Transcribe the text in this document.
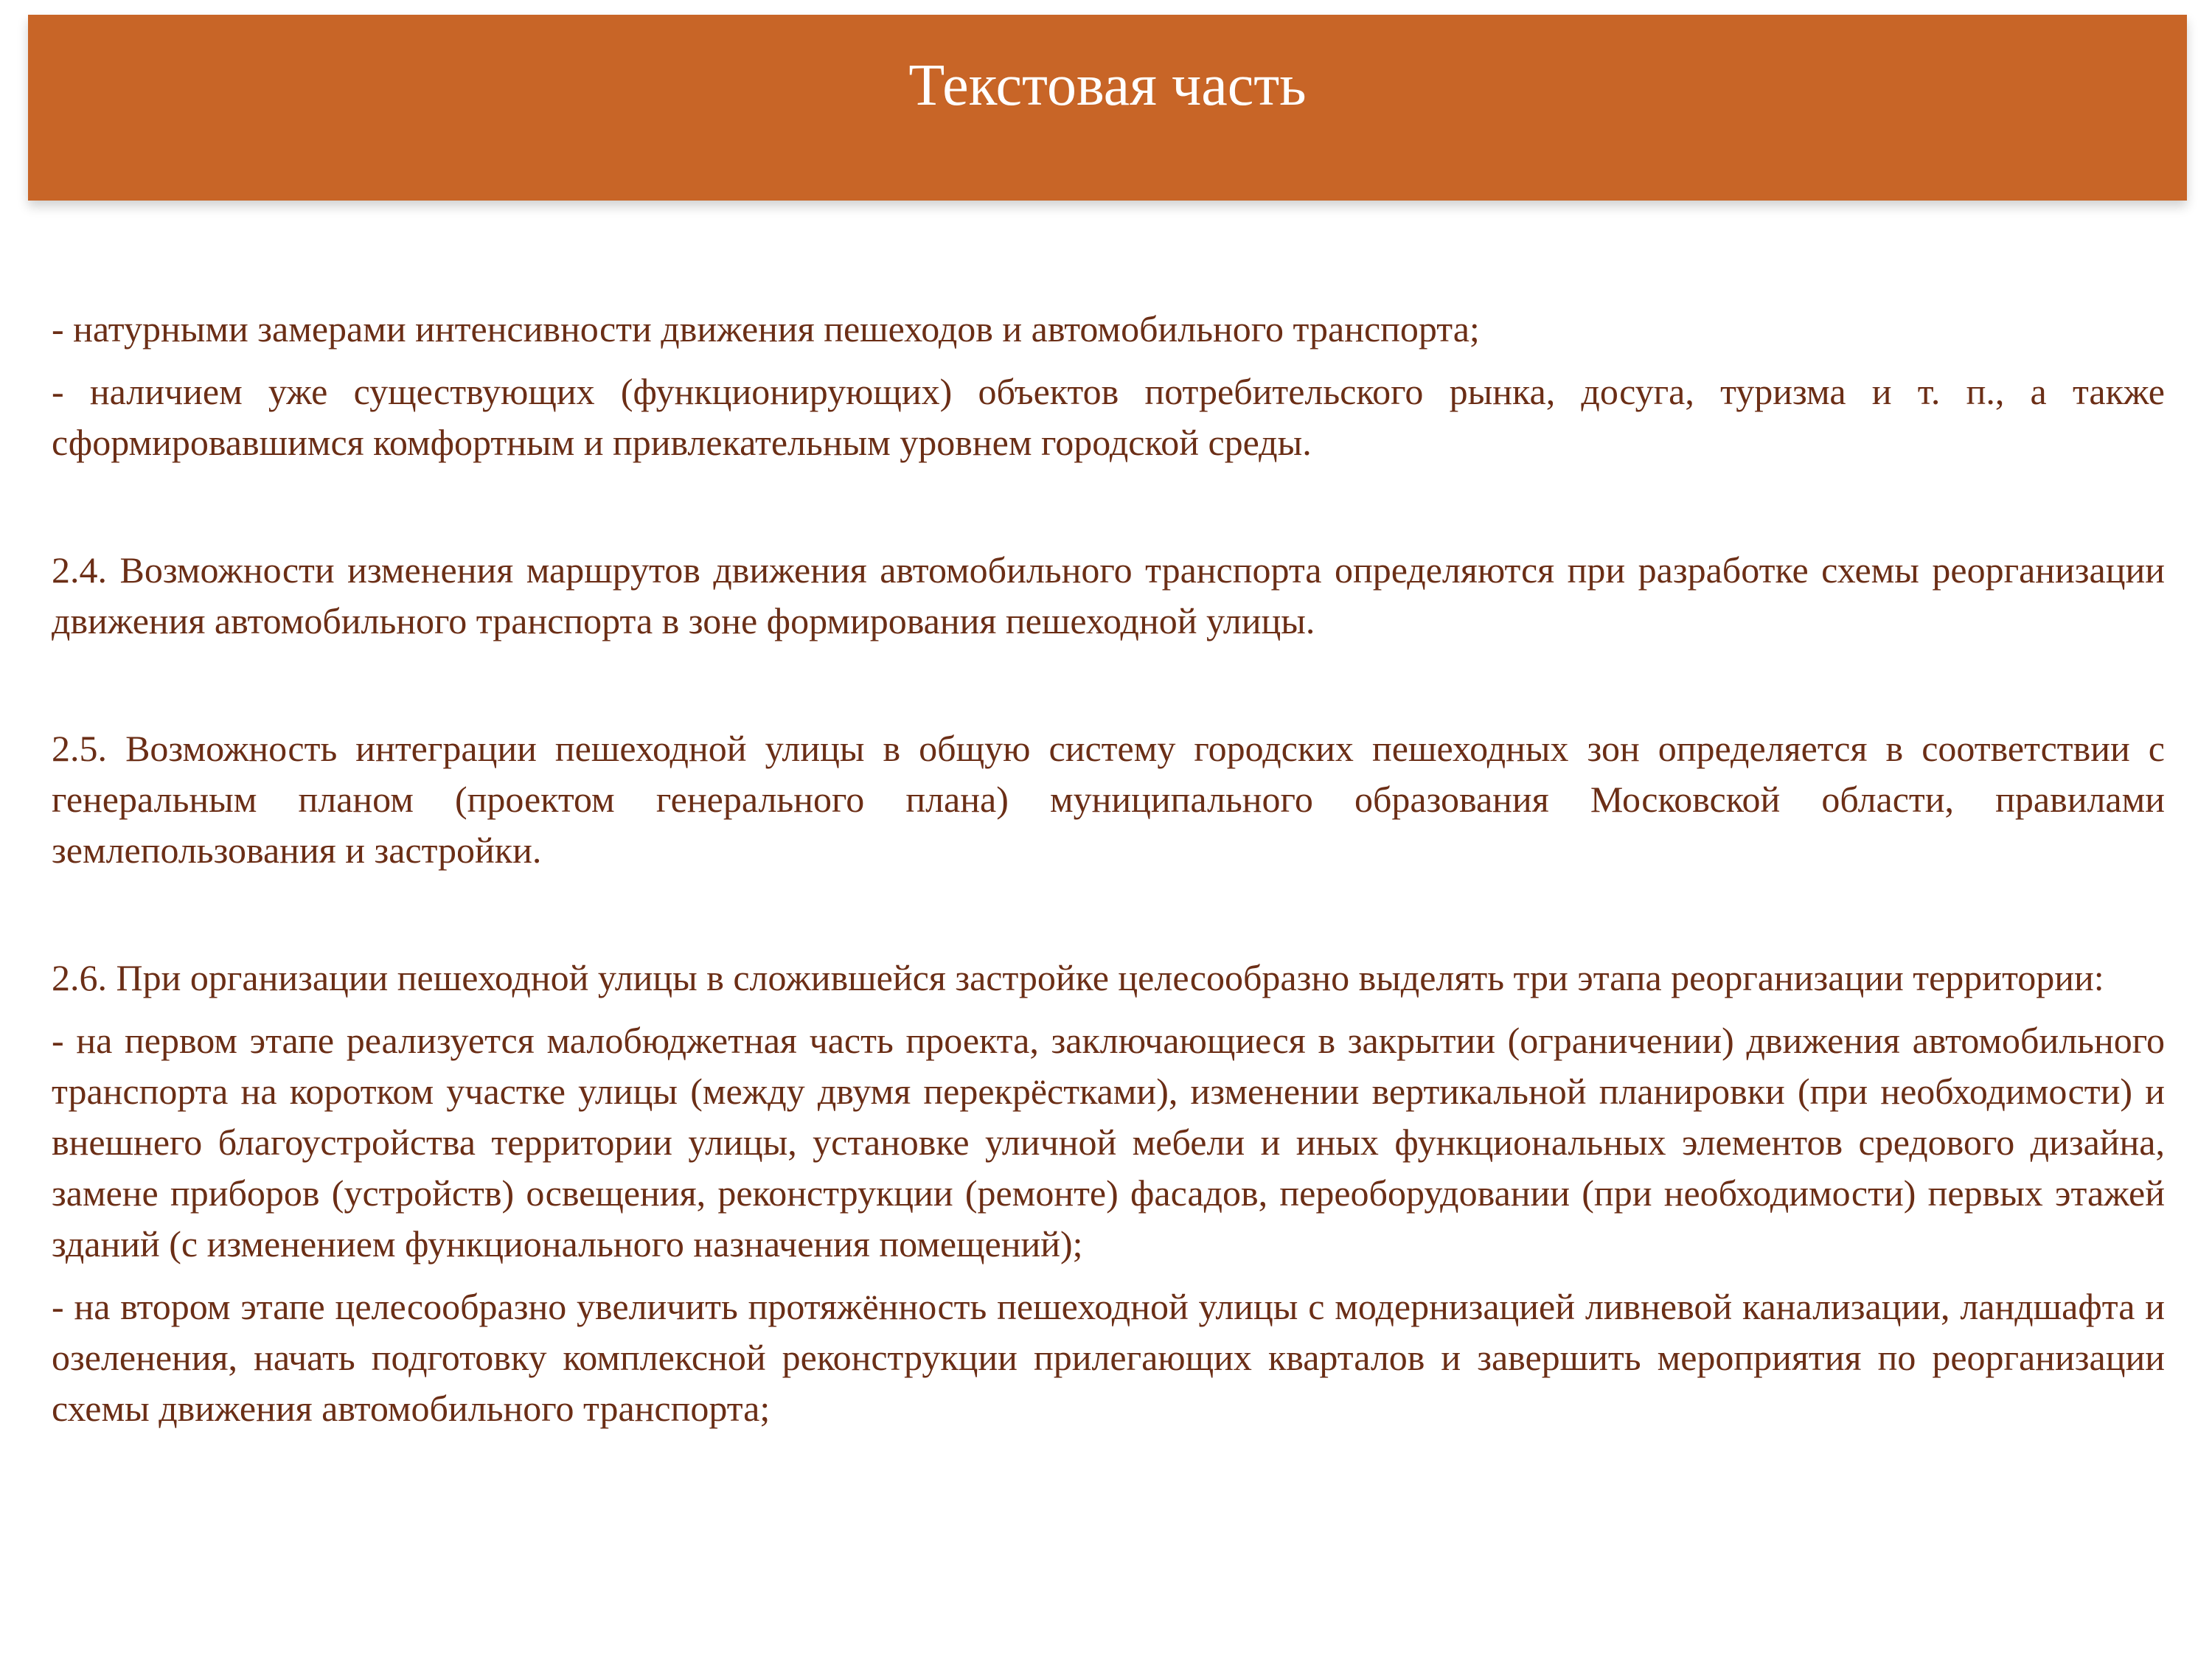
Текстовая часть

- натурными замерами интенсивности движения пешеходов и автомобильного транспорта;

- наличием уже существующих (функционирующих) объектов потребительского рынка, досуга, туризма и т. п., а также сформировавшимся комфортным и привлекательным уровнем городской среды.

2.4. Возможности изменения маршрутов движения автомобильного транспорта определяются при разработке схемы реорганизации движения автомобильного транспорта в зоне формирования пешеходной улицы.

2.5. Возможность интеграции пешеходной улицы в общую систему городских пешеходных зон определяется в соответствии с генеральным планом (проектом генерального плана) муниципального образования Московской области, правилами землепользования и застройки.

2.6. При организации пешеходной улицы в сложившейся застройке целесообразно выделять три этапа реорганизации территории:

- на первом этапе реализуется малобюджетная часть проекта, заключающиеся в закрытии (ограничении) движения автомобильного транспорта на коротком участке улицы (между двумя перекрёстками), изменении вертикальной планировки (при необходимости) и внешнего благоустройства территории улицы, установке уличной мебели и иных функциональных элементов средового дизайна, замене приборов (устройств) освещения, реконструкции (ремонте) фасадов, переоборудовании (при необходимости) первых этажей зданий (с изменением функционального назначения помещений);

- на втором этапе целесообразно увеличить протяжённость пешеходной улицы с модернизацией ливневой канализации, ландшафта и озеленения, начать подготовку комплексной реконструкции прилегающих кварталов и завершить мероприятия по реорганизации схемы движения автомобильного транспорта;
